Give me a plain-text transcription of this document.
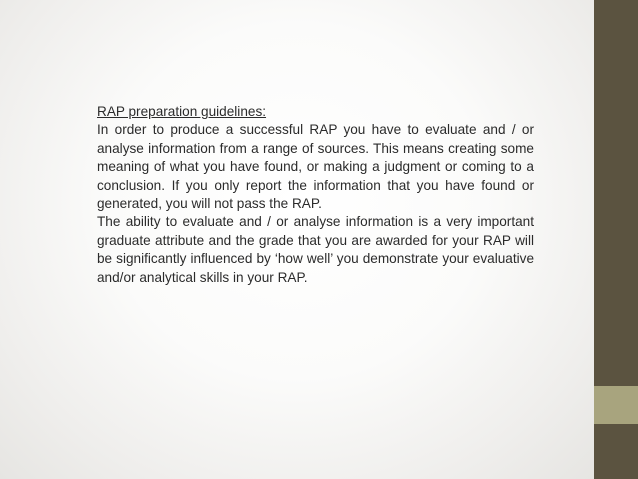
RAP preparation guidelines:

In order to produce a successful RAP you have to evaluate and / or analyse information from a range of sources. This means creating some meaning of what you have found, or making a judgment or coming to a conclusion. If you only report the information that you have found or generated, you will not pass the RAP.

The ability to evaluate and / or analyse information is a very important graduate attribute and the grade that you are awarded for your RAP will be significantly influenced by ‘how well’ you demonstrate your evaluative and/or analytical skills in your RAP.
